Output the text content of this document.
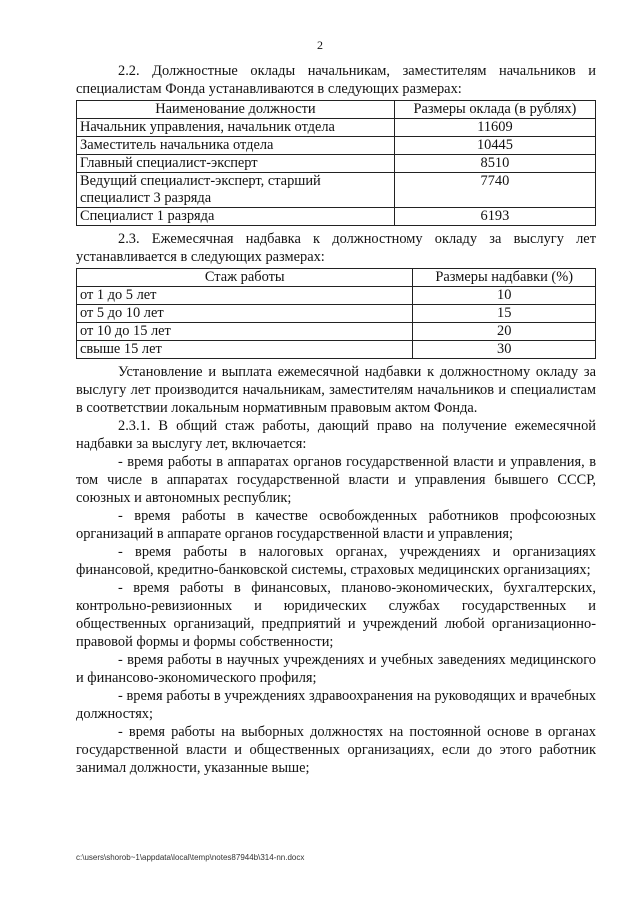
2

2.2. Должностные оклады начальникам, заместителям начальников и специалистам Фонда устанавливаются в следующих размерах:

Наименование должности	Размеры оклада (в рублях)
Начальник управления, начальник отдела	11609
Заместитель начальника отдела	10445
Главный специалист-эксперт	8510
Ведущий специалист-эксперт, старший специалист 3 разряда	7740
Специалист 1 разряда	6193

2.3. Ежемесячная надбавка к должностному окладу за выслугу лет устанавливается в следующих размерах:

Стаж работы	Размеры надбавки (%)
от 1 до 5 лет	10
от 5 до 10 лет	15
от 10 до 15 лет	20
свыше 15 лет	30

Установление и выплата ежемесячной надбавки к должностному окладу за выслугу лет производится начальникам, заместителям начальников и специалистам в соответствии локальным нормативным правовым актом Фонда.

2.3.1. В общий стаж работы, дающий право на получение ежемесячной надбавки за выслугу лет, включается:

- время работы в аппаратах органов государственной власти и управления, в том числе в аппаратах государственной власти и управления бывшего СССР, союзных и автономных республик;

- время работы в качестве освобожденных работников профсоюзных организаций в аппарате органов государственной власти и управления;

- время работы в налоговых органах, учреждениях и организациях финансовой, кредитно-банковской системы, страховых медицинских организациях;

- время работы в финансовых, планово-экономических, бухгалтерских, контрольно-ревизионных и юридических службах государственных и общественных организаций, предприятий и учреждений любой организационно-правовой формы и формы собственности;

- время работы в научных учреждениях и учебных заведениях медицинского и финансово-экономического профиля;

- время работы в учреждениях здравоохранения на руководящих и врачебных должностях;

- время работы на выборных должностях на постоянной основе в органах государственной власти и общественных организациях, если до этого работник занимал должности, указанные выше;

c:\users\shorob~1\appdata\local\temp\notes87944b\314-nn.docx
